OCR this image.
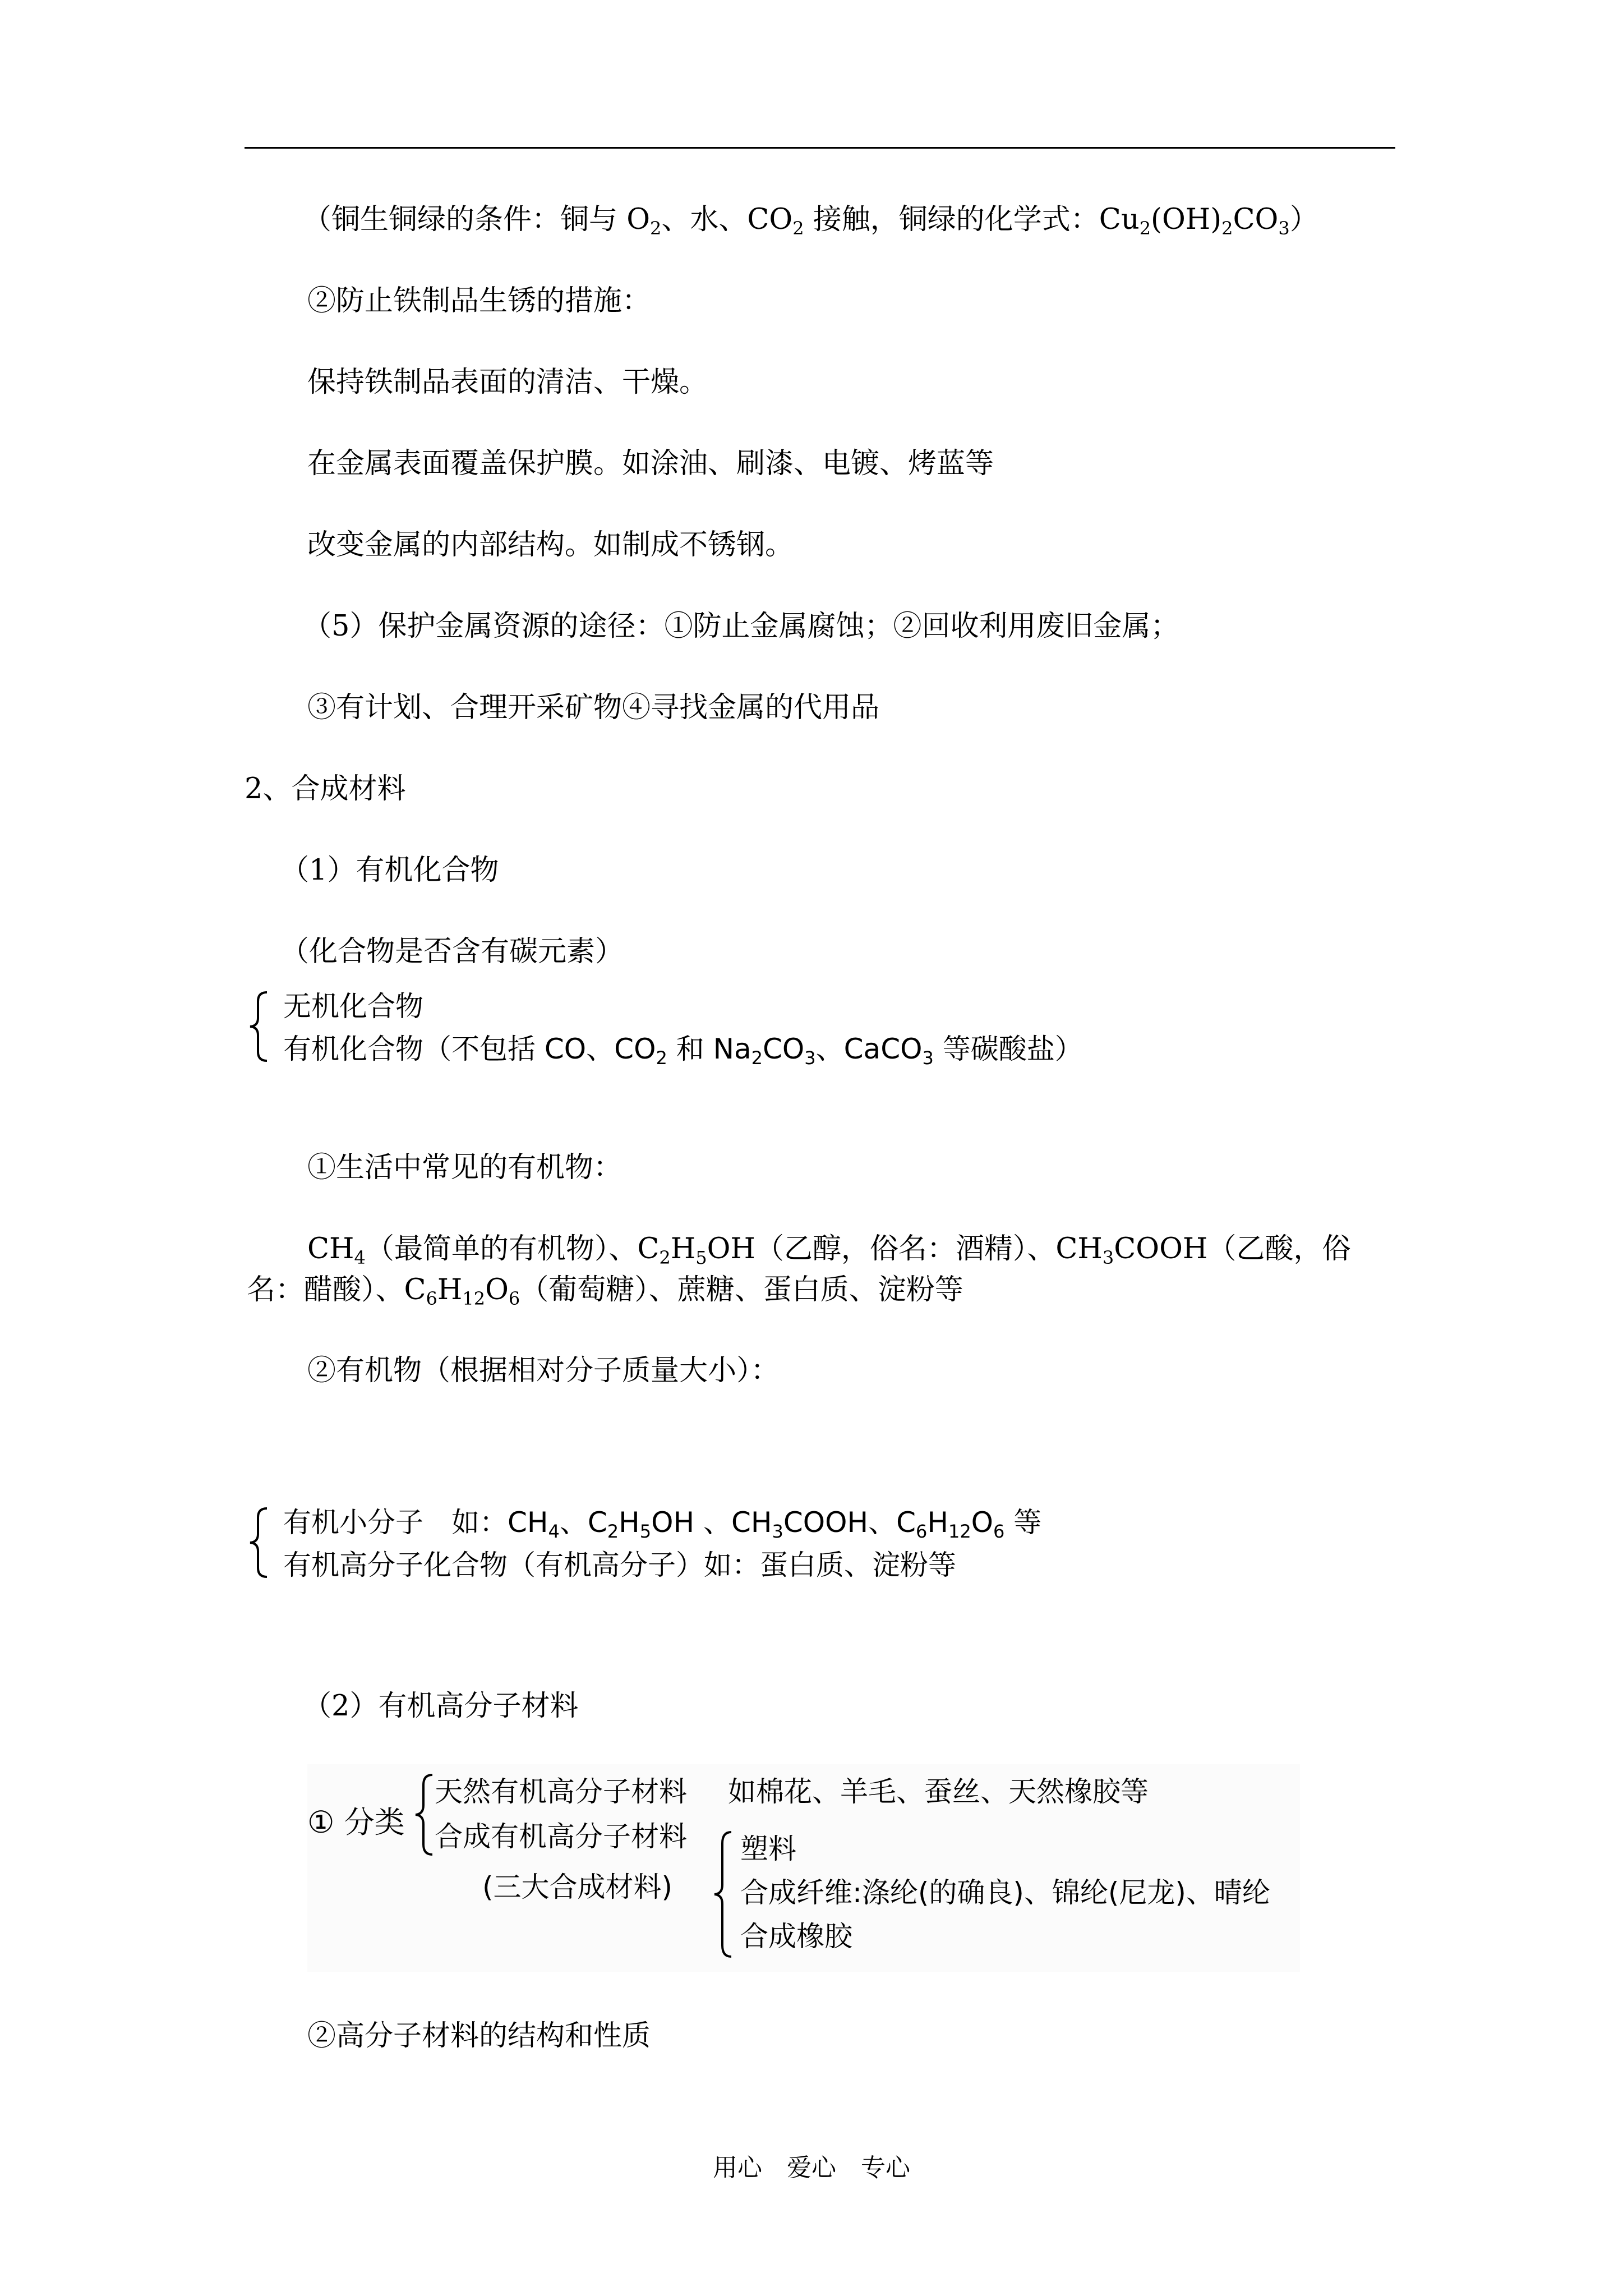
（铜生铜绿的条件：铜与 $O_2$、水、$CO_2$ 接触，铜绿的化学式：$Cu_2(OH)_2CO_3$）
②防止铁制品生锈的措施：
保持铁制品表面的清洁、干燥。
在金属表面覆盖保护膜。如涂油、刷漆、电镀、烤蓝等
改变金属的内部结构。如制成不锈钢。
（5）保护金属资源的途径：①防止金属腐蚀；②回收利用废旧金属；
③有计划、合理开采矿物④寻找金属的代用品
2、合成材料
（1）有机化合物
（化合物是否含有碳元素）
无机化合物
有机化合物（不包括 CO、$CO_2$ 和 $Na_2CO_3$、CaCO$_3$ 等碳酸盐）
①生活中常见的有机物：
$CH_4$（最简单的有机物）、$C_2H_5OH$（乙醇，俗名：酒精）、$CH_3COOH$（乙酸，俗
名：醋酸）、$C_6H_{12}O_6$（葡萄糖）、蔗糖、蛋白质、淀粉等
②有机物（根据相对分子质量大小）：
有机小分子　如：$CH_4$、$C_2H_5OH$ 、$CH_3COOH$、$C_6H_{12}O_6$ 等
有机高分子化合物（有机高分子）如：蛋白质、淀粉等
（2）有机高分子材料
① 分类
天然有机高分子材料 如棉花、羊毛、蚕丝、天然橡胶等
合成有机高分子材料
(三大合成材料)
塑料
合成纤维:涤纶(的确良)、锦纶(尼龙)、晴纶
合成橡胶
②高分子材料的结构和性质
用心　爱心　专心
